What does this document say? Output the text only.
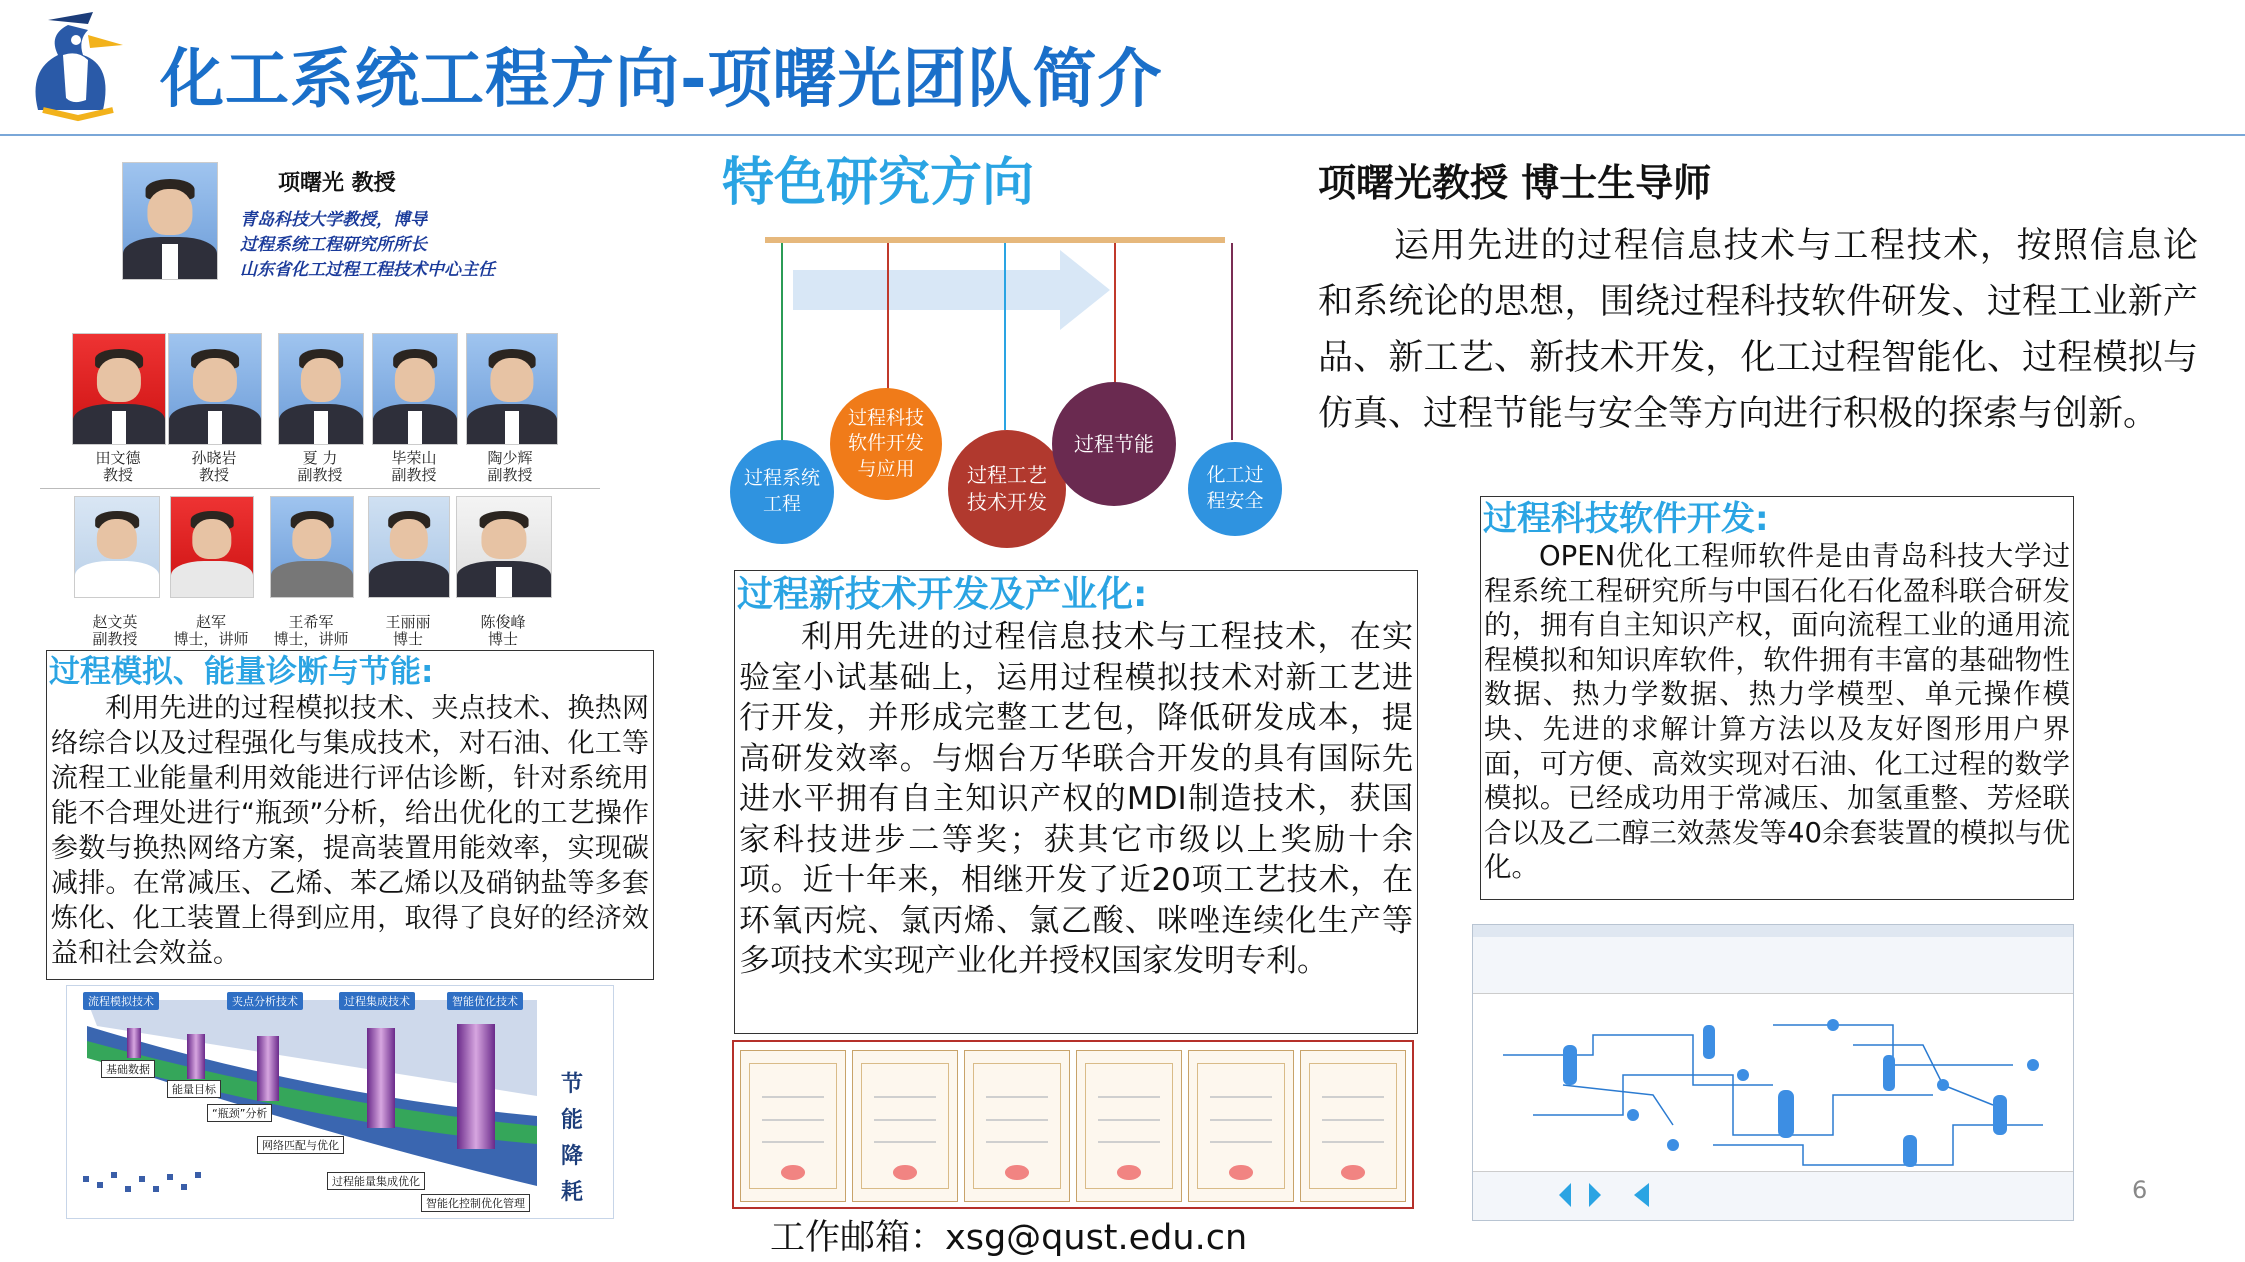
化工系统工程方向-项曙光团队简介
项曙光 教授
青岛科技大学教授，博导
过程系统工程研究所所长
山东省化工过程工程技术中心主任
田文德
教授
孙晓岩
教授
夏 力
副教授
毕荣山
副教授
陶少辉
副教授
赵文英
副教授
赵军
博士，讲师
王希军
博士，讲师
王丽丽
博士
陈俊峰
博士
特色研究方向
过程系统工程
过程科技软件开发与应用	过程工艺技术开发
过程节能
化工过程安全
项曙光教授 博士生导师
运用先进的过程信息技术与工程技术，按照信息论和系统论的思想，围绕过程科技软件研发、过程工业新产品、新工艺、新技术开发，化工过程智能化、过程模拟与仿真、过程节能与安全等方向进行积极的探索与创新。
过程模拟、能量诊断与节能:
利用先进的过程模拟技术、夹点技术、换热网络综合以及过程强化与集成技术，对石油、化工等流程工业能量利用效能进行评估诊断，针对系统用能不合理处进行“瓶颈”分析，给出优化的工艺操作参数与换热网络方案，提高装置用能效率，实现碳减排。在常减压、乙烯、苯乙烯以及硝钠盐等多套炼化、化工装置上得到应用，取得了良好的经济效益和社会效益。
流程模拟技术	夹点分析技术	过程集成技术	智能优化技术
基础数据
能量目标
“瓶颈”分析
网络匹配与优化
过程能量集成优化
智能化控制优化管理
节能降耗
过程新技术开发及产业化:
利用先进的过程信息技术与工程技术，在实验室小试基础上，运用过程模拟技术对新工艺进行开发，并形成完整工艺包，降低研发成本，提高研发效率。与烟台万华联合开发的具有国际先进水平拥有自主知识产权的MDI制造技术，获国家科技进步二等奖；获其它市级以上奖励十余项。近十年来，相继开发了近20项工艺技术，在环氧丙烷、氯丙烯、氯乙酸、咪唑连续化生产等多项技术实现产业化并授权国家发明专利。
工作邮箱：xsg@qust.edu.cn
过程科技软件开发:
OPEN优化工程师软件是由青岛科技大学过程系统工程研究所与中国石化石化盈科联合研发的，拥有自主知识产权，面向流程工业的通用流程模拟和知识库软件，软件拥有丰富的基础物性数据、热力学数据、热力学模型、单元操作模块、先进的求解计算方法以及友好图形用户界面，可方便、高效实现对石油、化工过程的数学模拟。已经成功用于常减压、加氢重整、芳烃联合以及乙二醇三效蒸发等40余套装置的模拟与优化。
6
